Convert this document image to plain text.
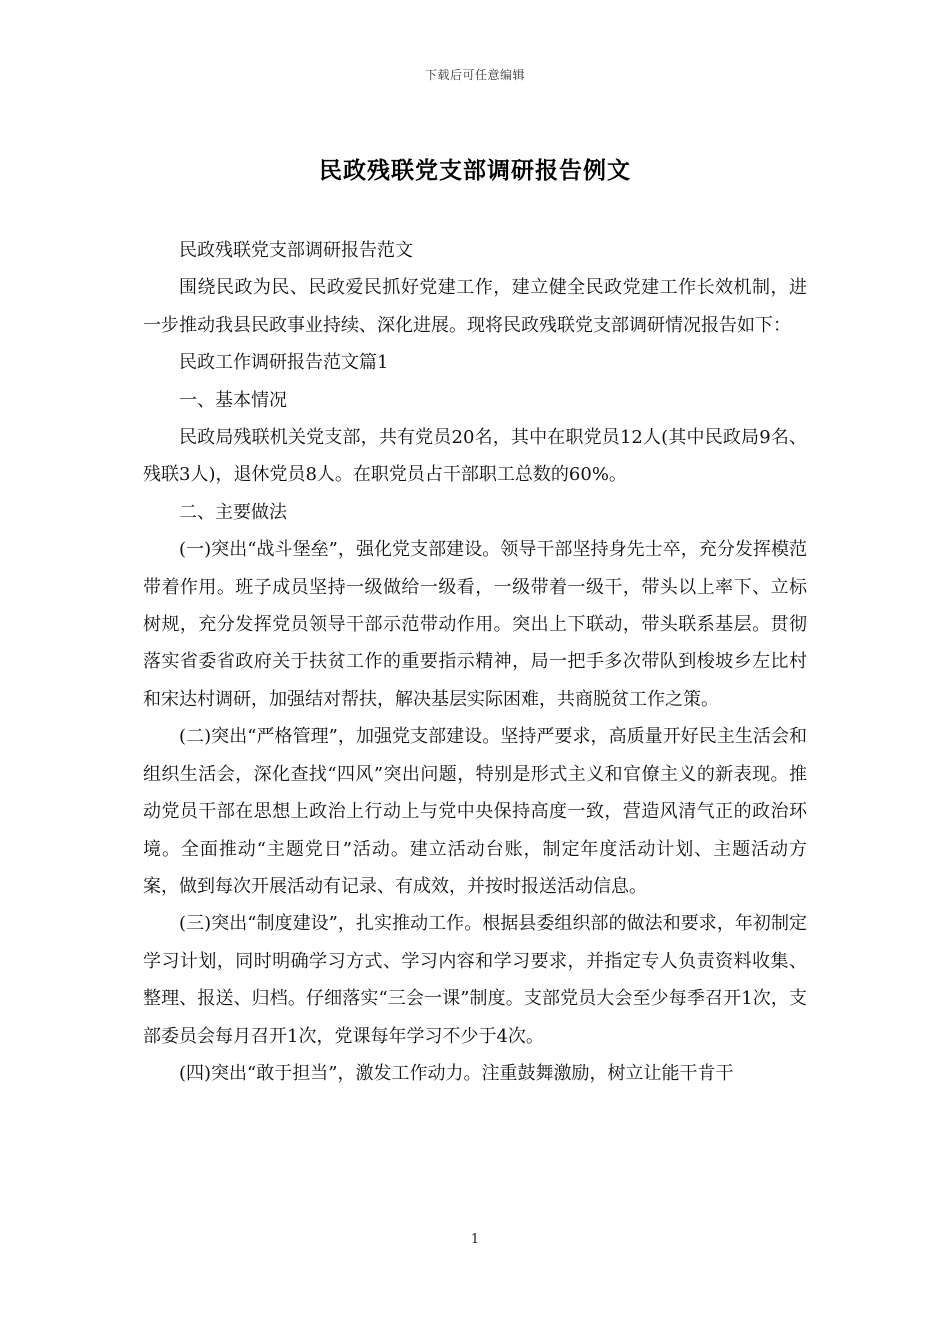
下载后可任意编辑
民政残联党支部调研报告例文

民政残联党支部调研报告范文

围绕民政为民、民政爱民抓好党建工作，建立健全民政党建工作长效机制，进一步推动我县民政事业持续、深化进展。现将民政残联党支部调研情况报告如下：

民政工作调研报告范文篇1

一、基本情况

民政局残联机关党支部，共有党员20名，其中在职党员12人(其中民政局9名、残联3人)，退休党员8人。在职党员占干部职工总数的60%。

二、主要做法

(一)突出“战斗堡垒”，强化党支部建设。领导干部坚持身先士卒，充分发挥模范带着作用。班子成员坚持一级做给一级看，一级带着一级干，带头以上率下、立标树规，充分发挥党员领导干部示范带动作用。突出上下联动，带头联系基层。贯彻落实省委省政府关于扶贫工作的重要指示精神，局一把手多次带队到梭坡乡左比村和宋达村调研，加强结对帮扶，解决基层实际困难，共商脱贫工作之策。

(二)突出“严格管理”，加强党支部建设。坚持严要求，高质量开好民主生活会和组织生活会，深化查找“四风”突出问题，特别是形式主义和官僚主义的新表现。推动党员干部在思想上政治上行动上与党中央保持高度一致，营造风清气正的政治环境。全面推动“主题党日”活动。建立活动台账，制定年度活动计划、主题活动方案，做到每次开展活动有记录、有成效，并按时报送活动信息。

(三)突出“制度建设”，扎实推动工作。根据县委组织部的做法和要求，年初制定学习计划，同时明确学习方式、学习内容和学习要求，并指定专人负责资料收集、整理、报送、归档。仔细落实“三会一课”制度。支部党员大会至少每季召开1次，支部委员会每月召开1次，党课每年学习不少于4次。

(四)突出“敢于担当”，激发工作动力。注重鼓舞激励，树立让能干肯干

1
